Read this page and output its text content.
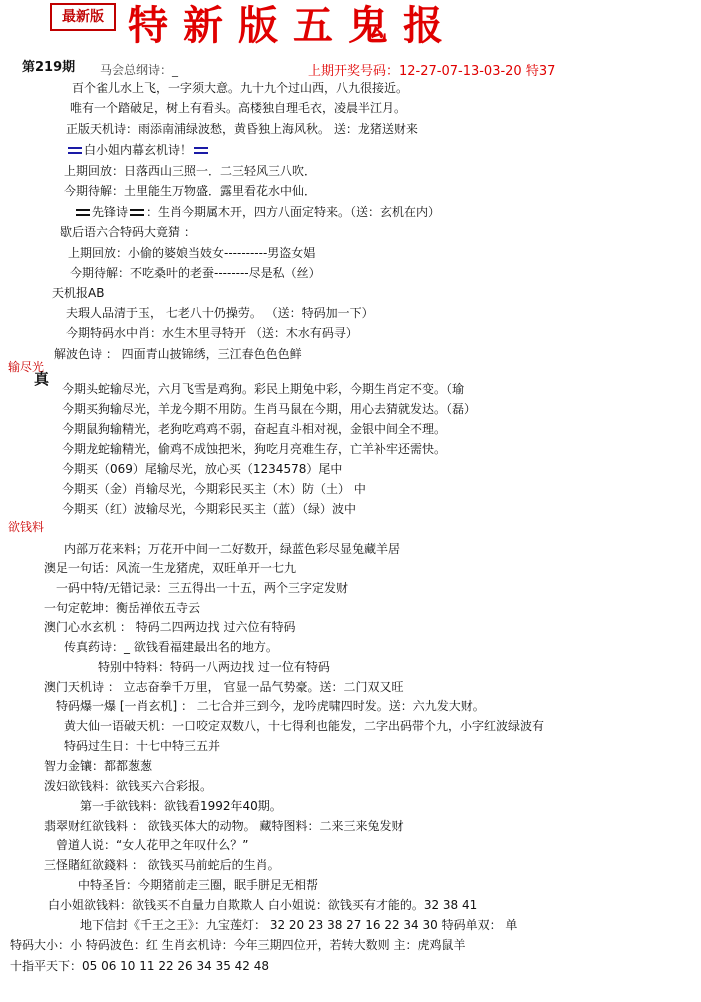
最新版 特新版五鬼报
第219期	上期开奖号码：12-27-07-13-03-20 特37
马会总纲诗：_
百个雀儿水上飞，一字须大意。九十九个过山西，八九很接近。
唯有一个踏破足，树上有看头。高楼独自理毛衣，凌晨半江月。
正版天机诗：雨添南浦绿波愁，黄昏独上海风秋。 送：龙猪送财来
白小姐内幕玄机诗！
上期回放：日落西山三照一．二三轻风三八吹．
今期待解：土里能生万物盛．露里看花水中仙．
先锋诗 ：生肖今期属木开，四方八面定特来。（送：玄机在内）
歇后语六合特码大竟猜 ：
上期回放：小偷的婆娘当妓女----------男盗女娼
今期待解：不吃桑叶的老蚕--------尽是私（丝）
天机报AB
夫瑕人品清于玉， 七老八十仍操劳。 （送：特码加一下）
今期特码水中肖：水生木里寻特开 （送：木水有码寻）
解波色诗 ： 四面青山披锦绣，三江春色色色鲜
输尽光
真
今期头蛇输尽光，六月飞雪是鸡狗。彩民上期兔中彩，今期生肖定不变。（瑜
今期买狗输尽光，羊龙今期不用防。生肖马鼠在今期，用心去猜就发达。（磊）
今期鼠狗输精光，老狗吃鸡鸡不弱，奋起直斗相对视，金银中间全不理。
今期龙蛇输精光，偷鸡不成蚀把米，狗吃月亮难生存，亡羊补牢还需快。
今期买（069）尾输尽光，放心买（1234578）尾中
今期买（金）肖输尽光，今期彩民买主（木）防（土） 中
今期买（红）波输尽光，今期彩民买主（蓝）（绿）波中
欲钱料
内部万花来料；万花开中间一二好数开，绿蓝色彩尽显兔藏羊居
澳足一句话：风流一生龙猪虎，双旺单开一七九
一码中特/无错记录：三五得出一十五，两个三字定发财
一句定乾坤：衡岳禅依五寺云
澳门心水玄机 ： 特码二四两边找 过六位有特码
传真药诗：_ 欲钱看福建最出名的地方。
特别中特料：特码一八两边找 过一位有特码
澳门天机诗 ： 立志奋拳千万里， 官显一品气势豪。送：二门双又旺
特码爆一爆 [一肖玄机] ： 二七合并三到今，龙吟虎啸四时发。送：六九发大财。
黄大仙一语破天机：一口咬定双数八，十七得利也能发，二字出码带个九，小字红波绿波有
特码过生日：十七中特三五并
智力金镶：都都葱葱
泼妇欲钱料：欲钱买六合彩报。
第一手欲钱料：欲钱看1992年40期。
翡翠财红欲钱料 ： 欲钱买体大的动物。 藏特图料：二来三来兔发财
曾道人说：“女人花甲之年叹什么？”
三怪賭紅欲錢料 ： 欲钱买马前蛇后的生肖。
中特圣旨：今期猪前走三圈，眠手胼足无相帮
白小姐欲钱料：欲钱买不自量力自欺欺人 白小姐说：欲钱买有才能的。32 38 41
地下信封《千王之王》：九宝莲灯： 32 20 23 38 27 16 22 34 30 特码单双： 单
特码大小：小 特码波色：红 生肖玄机诗：今年三期四位开，若转大数则 主：虎鸡鼠羊
十指平天下：05 06 10 11 22 26 34 35 42 48
